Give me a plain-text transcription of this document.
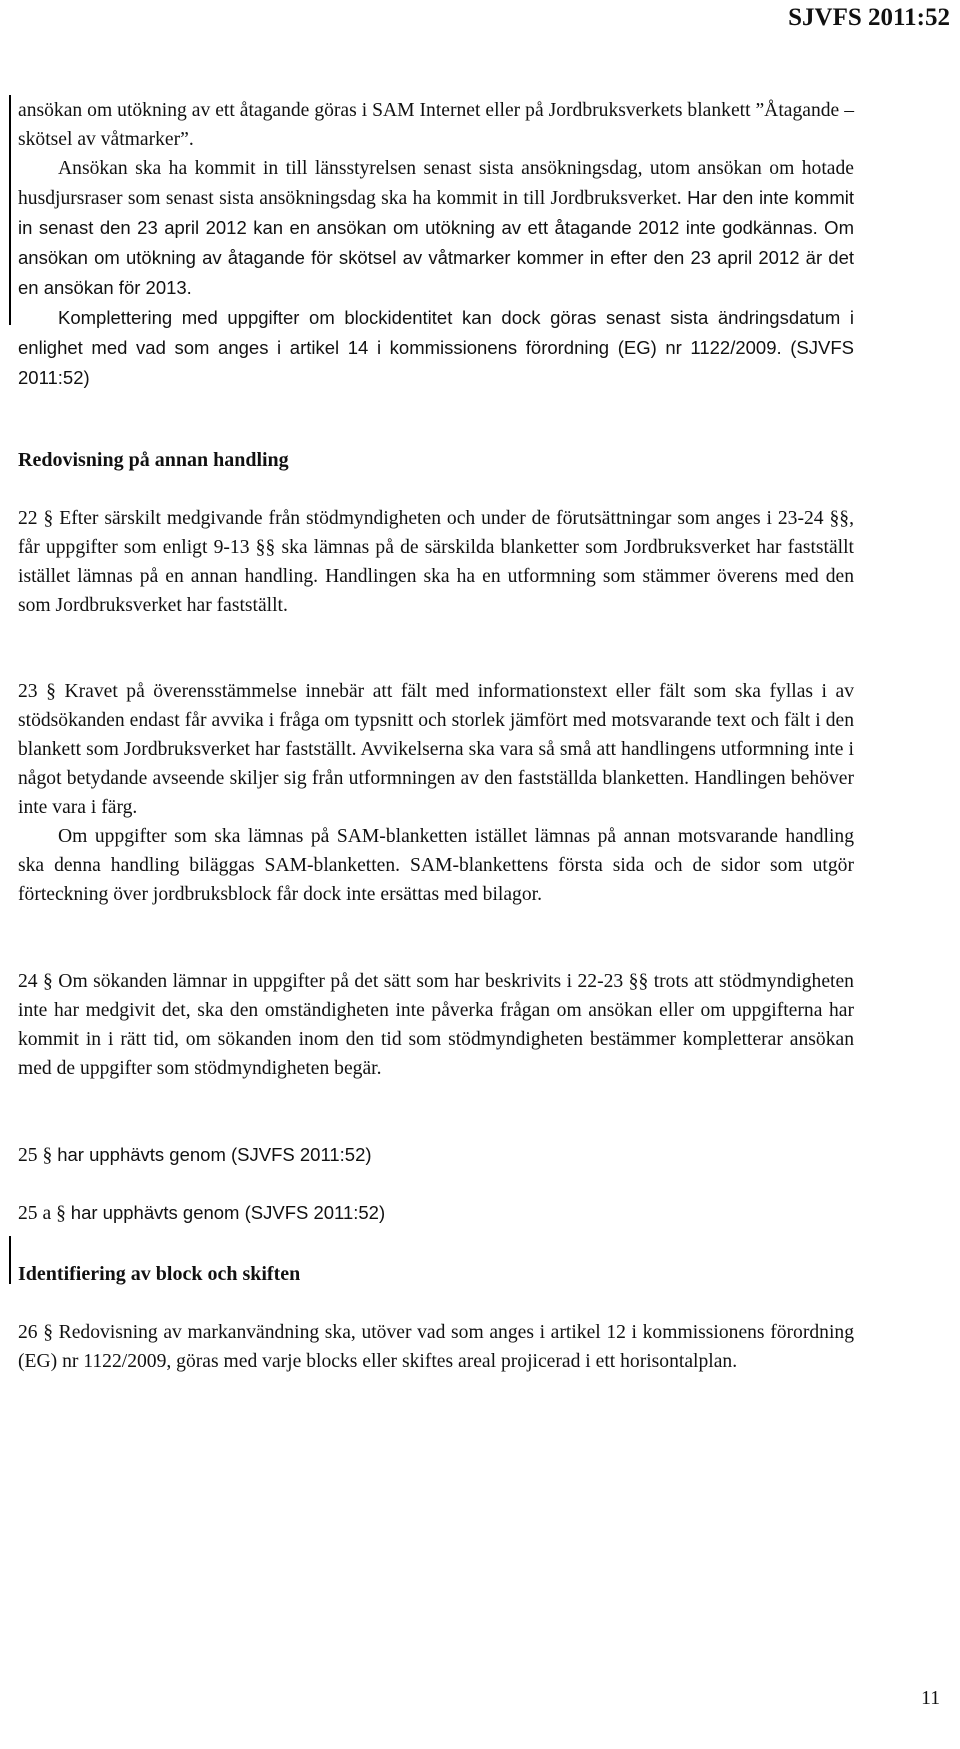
SJVFS 2011:52

ansökan om utökning av ett åtagande göras i SAM Internet eller på Jordbruksverkets blankett ”Åtagande –skötsel av våtmarker”.

Ansökan ska ha kommit in till länsstyrelsen senast sista ansökningsdag, utom ansökan om hotade husdjursraser som senast sista ansökningsdag ska ha kommit in till Jordbruksverket. Har den inte kommit in senast den 23 april 2012 kan en ansökan om utökning av ett åtagande 2012 inte godkännas. Om ansökan om utökning av åtagande för skötsel av våtmarker kommer in efter den 23 april 2012 är det en ansökan för 2013.

Komplettering med uppgifter om blockidentitet kan dock göras senast sista ändringsdatum i enlighet med vad som anges i artikel 14 i kommissionens förordning (EG) nr 1122/2009. (SJVFS 2011:52)

Redovisning på annan handling

22 § Efter särskilt medgivande från stödmyndigheten och under de förutsättningar som anges i 23-24 §§, får uppgifter som enligt 9-13 §§ ska lämnas på de särskilda blanketter som Jordbruksverket har fastställt istället lämnas på en annan handling. Handlingen ska ha en utformning som stämmer överens med den som Jordbruksverket har fastställt.

23 § Kravet på överensstämmelse innebär att fält med informationstext eller fält som ska fyllas i av stödsökanden endast får avvika i fråga om typsnitt och storlek jämfört med motsvarande text och fält i den blankett som Jordbruksverket har fastställt. Avvikelserna ska vara så små att handlingens utformning inte i något betydande avseende skiljer sig från utformningen av den fastställda blanketten. Handlingen behöver inte vara i färg.

Om uppgifter som ska lämnas på SAM-blanketten istället lämnas på annan motsvarande handling ska denna handling biläggas SAM-blanketten. SAM-blankettens första sida och de sidor som utgör förteckning över jordbruksblock får dock inte ersättas med bilagor.

24 § Om sökanden lämnar in uppgifter på det sätt som har beskrivits i 22-23 §§ trots att stödmyndigheten inte har medgivit det, ska den omständigheten inte påverka frågan om ansökan eller om uppgifterna har kommit in i rätt tid, om sökanden inom den tid som stödmyndigheten bestämmer kompletterar ansökan med de uppgifter som stödmyndigheten begär.

25 § har upphävts genom (SJVFS 2011:52)

25 a § har upphävts genom (SJVFS 2011:52)

Identifiering av block och skiften

26 § Redovisning av markanvändning ska, utöver vad som anges i artikel 12 i kommissionens förordning (EG) nr 1122/2009, göras med varje blocks eller skiftes areal projicerad i ett horisontalplan.

11
